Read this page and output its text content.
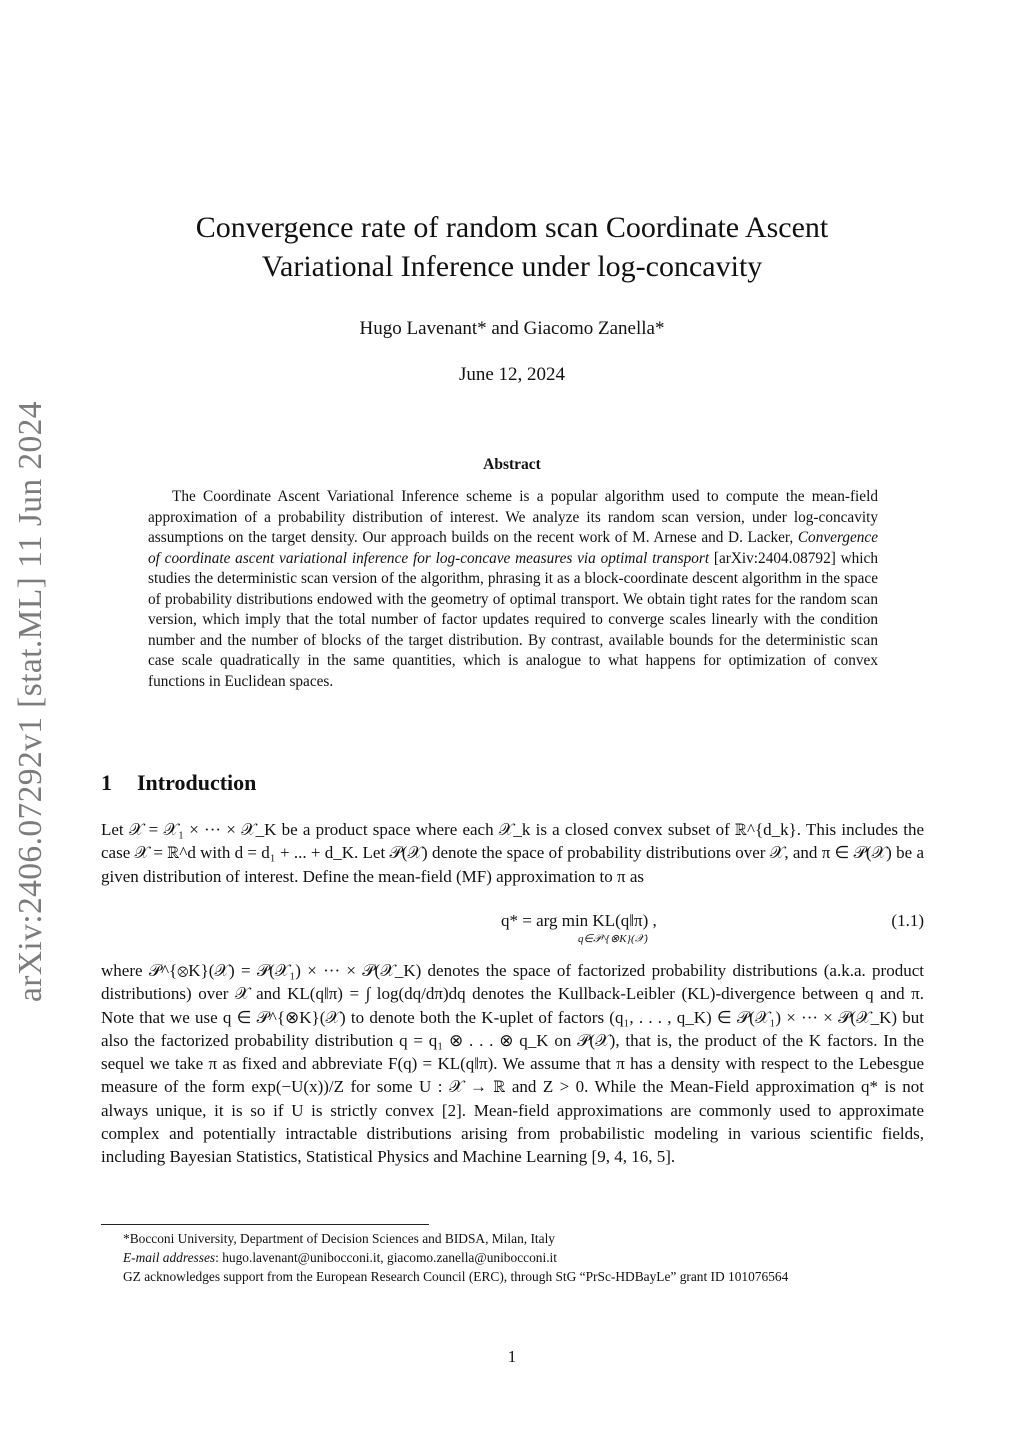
arXiv:2406.07292v1 [stat.ML] 11 Jun 2024
Convergence rate of random scan Coordinate Ascent
Variational Inference under log-concavity
Hugo Lavenant* and Giacomo Zanella*
June 12, 2024
Abstract
The Coordinate Ascent Variational Inference scheme is a popular algorithm used to compute the mean-field approximation of a probability distribution of interest. We analyze its random scan version, under log-concavity assumptions on the target density. Our approach builds on the recent work of M. Arnese and D. Lacker, Convergence of coordinate ascent variational inference for log-concave measures via optimal transport [arXiv:2404.08792] which studies the deterministic scan version of the algorithm, phrasing it as a block-coordinate descent algorithm in the space of probability distributions endowed with the geometry of optimal transport. We obtain tight rates for the random scan version, which imply that the total number of factor updates required to converge scales linearly with the condition number and the number of blocks of the target distribution. By contrast, available bounds for the deterministic scan case scale quadratically in the same quantities, which is analogue to what happens for optimization of convex functions in Euclidean spaces.
1 Introduction
Let 𝒳 = 𝒳₁ × ··· × 𝒳_K be a product space where each 𝒳_k is a closed convex subset of ℝ^{d_k}. This includes the case 𝒳 = ℝ^d with d = d₁ + ... + d_K. Let 𝒫(𝒳) denote the space of probability distributions over 𝒳, and π ∈ 𝒫(𝒳) be a given distribution of interest. Define the mean-field (MF) approximation to π as
q* = arg min KL(q‖π) ,
q∈𝒫^{⊗K}(𝒳)
(1.1)
where 𝒫^{⊗K}(𝒳) = 𝒫(𝒳₁) × ··· × 𝒫(𝒳_K) denotes the space of factorized probability distributions (a.k.a. product distributions) over 𝒳 and KL(q‖π) = ∫ log(dq/dπ)dq denotes the Kullback-Leibler (KL)-divergence between q and π. Note that we use q ∈ 𝒫^{⊗K}(𝒳) to denote both the K-uplet of factors (q₁, . . . , q_K) ∈ 𝒫(𝒳₁) × ··· × 𝒫(𝒳_K) but also the factorized probability distribution q = q₁ ⊗ . . . ⊗ q_K on 𝒫(𝒳), that is, the product of the K factors. In the sequel we take π as fixed and abbreviate F(q) = KL(q‖π). We assume that π has a density with respect to the Lebesgue measure of the form exp(−U(x))/Z for some U : 𝒳 → ℝ and Z > 0. While the Mean-Field approximation q* is not always unique, it is so if U is strictly convex [2]. Mean-field approximations are commonly used to approximate complex and potentially intractable distributions arising from probabilistic modeling in various scientific fields, including Bayesian Statistics, Statistical Physics and Machine Learning [9, 4, 16, 5].
*Bocconi University, Department of Decision Sciences and BIDSA, Milan, Italy
E-mail addresses: hugo.lavenant@unibocconi.it, giacomo.zanella@unibocconi.it
GZ acknowledges support from the European Research Council (ERC), through StG “PrSc-HDBayLe” grant ID 101076564
1
